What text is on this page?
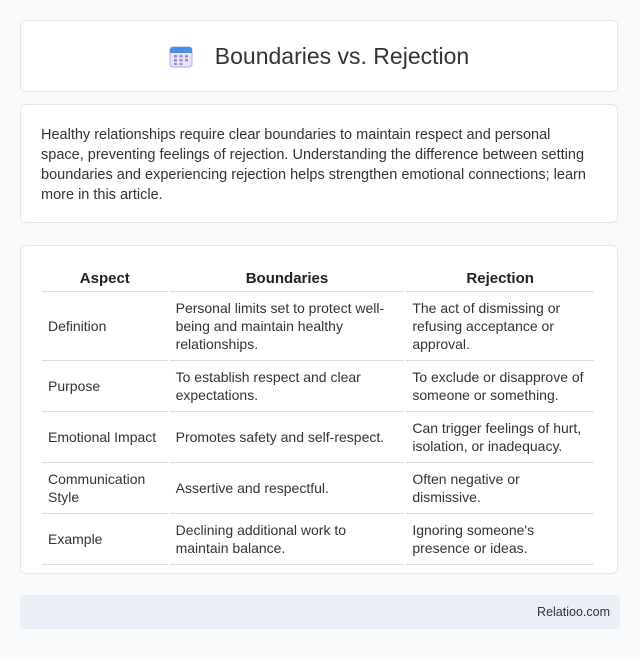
Boundaries vs. Rejection

Healthy relationships require clear boundaries to maintain respect and personal space, preventing feelings of rejection. Understanding the difference between setting boundaries and experiencing rejection helps strengthen emotional connections; learn more in this article.

Aspect	Boundaries	Rejection
Definition	Personal limits set to protect well-being and maintain healthy relationships.	The act of dismissing or refusing acceptance or approval.
Purpose	To establish respect and clear expectations.	To exclude or disapprove of someone or something.
Emotional Impact	Promotes safety and self-respect.	Can trigger feelings of hurt, isolation, or inadequacy.
Communication Style	Assertive and respectful.	Often negative or dismissive.
Example	Declining additional work to maintain balance.	Ignoring someone's presence or ideas.
Relatioo.com
